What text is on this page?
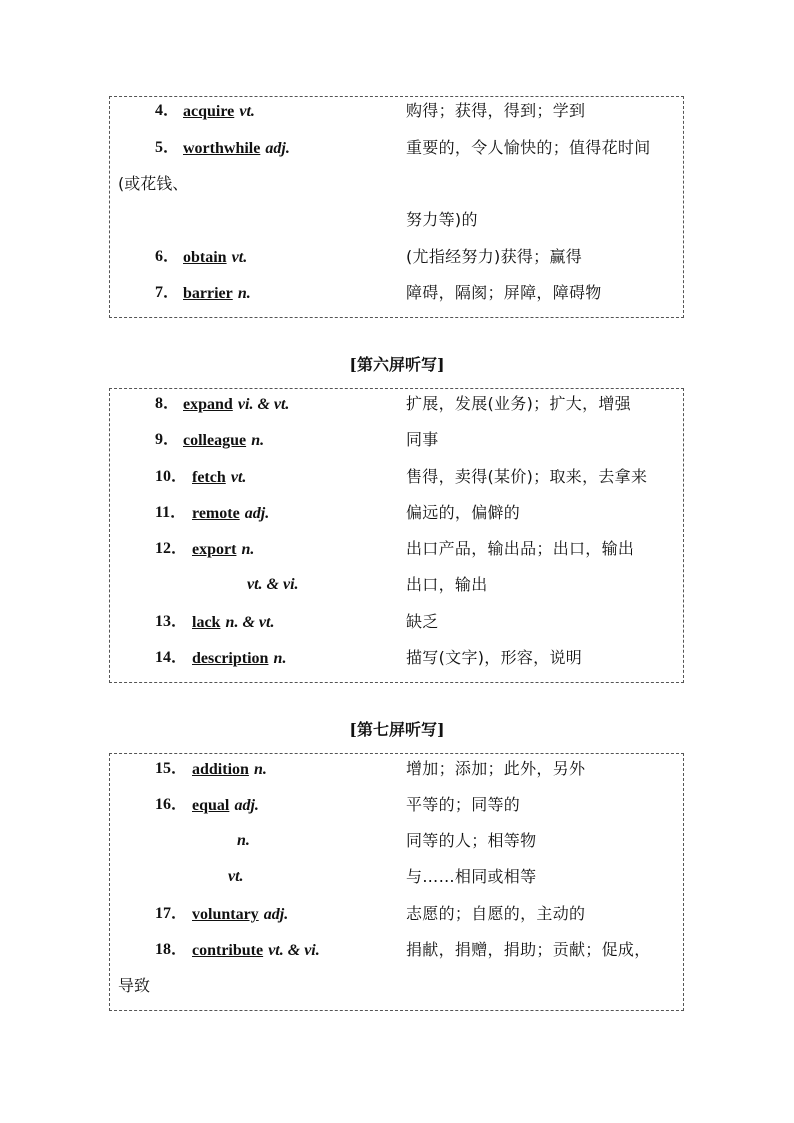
4． acquire vt.	购得；获得，得到；学到
5． worthwhile adj.	重要的，令人愉快的；值得花时间
(或花钱、
努力等)的
6． obtain vt.	(尤指经努力)获得；赢得
7． barrier n.	障碍，隔阂；屏障，障碍物
[第六屏听写]
8． expand vi. & vt.	扩展，发展(业务)；扩大，增强
9． colleague n.	同事
10． fetch vt.	售得，卖得(某价)；取来，去拿来
11． remote adj.	偏远的，偏僻的
12． export n.	出口产品，输出品；出口，输出
vt. & vi.	出口，输出
13． lack n. & vt.	缺乏
14． description n.	描写(文字)，形容，说明
[第七屏听写]
15． addition n.	增加；添加；此外，另外
16． equal adj.	平等的；同等的
n.	同等的人；相等物
vt.	与……相同或相等
17． voluntary adj.	志愿的；自愿的，主动的
18． contribute vt. & vi.	捐献，捐赠，捐助；贡献；促成，
导致
